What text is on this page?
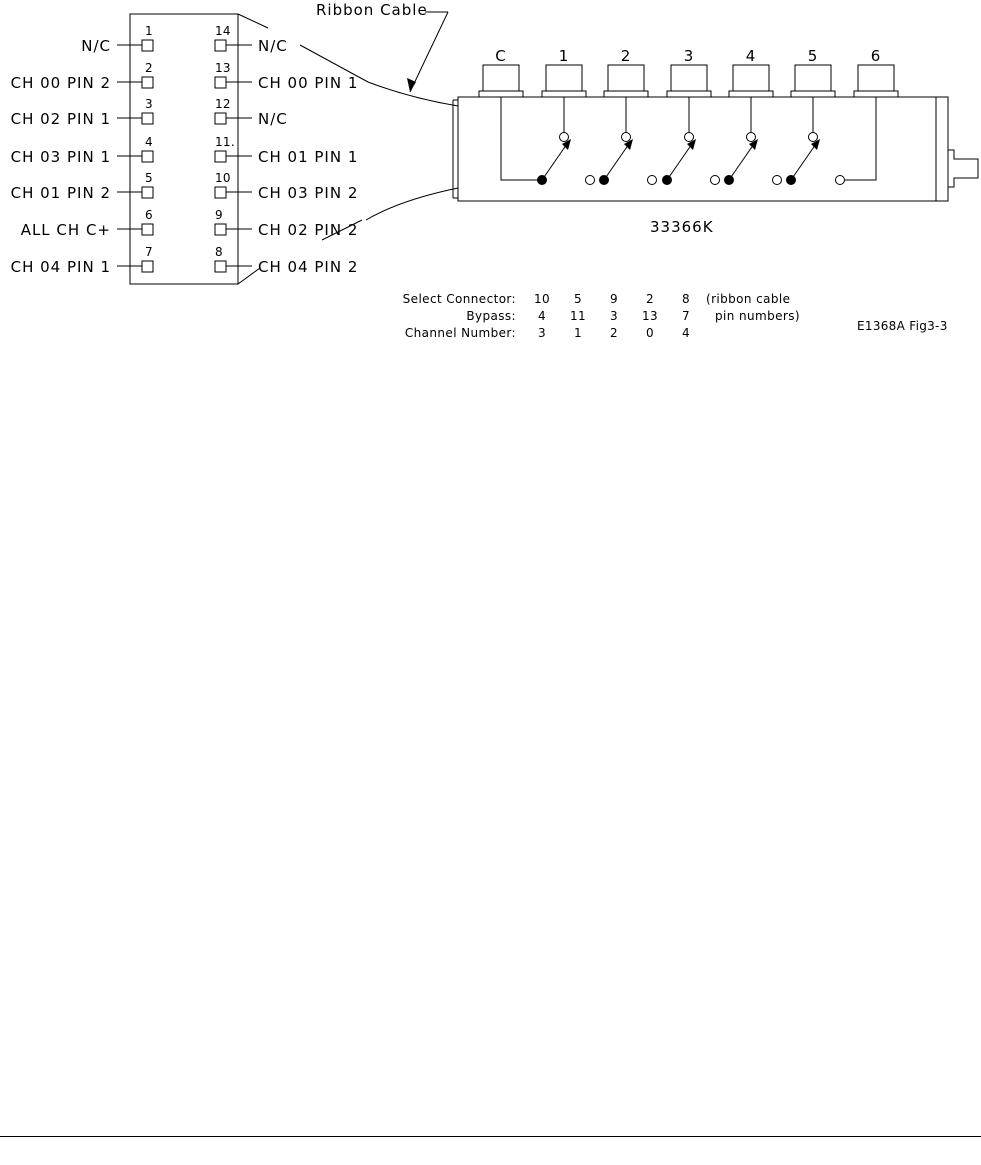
1
N/C
14
N/C
2
CH 00 PIN 2
13
CH 00 PIN 1
3
CH 02 PIN 1
12
N/C
4
CH 03 PIN 1
11.
CH 01 PIN 1
5
CH 01 PIN 2
10
CH 03 PIN 2
6
ALL CH C+
9
CH 02 PIN 2
7
CH 04 PIN 1
8
CH 04 PIN 2
Ribbon Cable
C	1	2	3	4	5	6
33366K
(ribbon cable
pin numbers)
Select Connector: 10 5 9 2 8
Bypass: 4 11 3 13 7
Channel Number: 3 1 2 0 4	E1368A Fig3-3
